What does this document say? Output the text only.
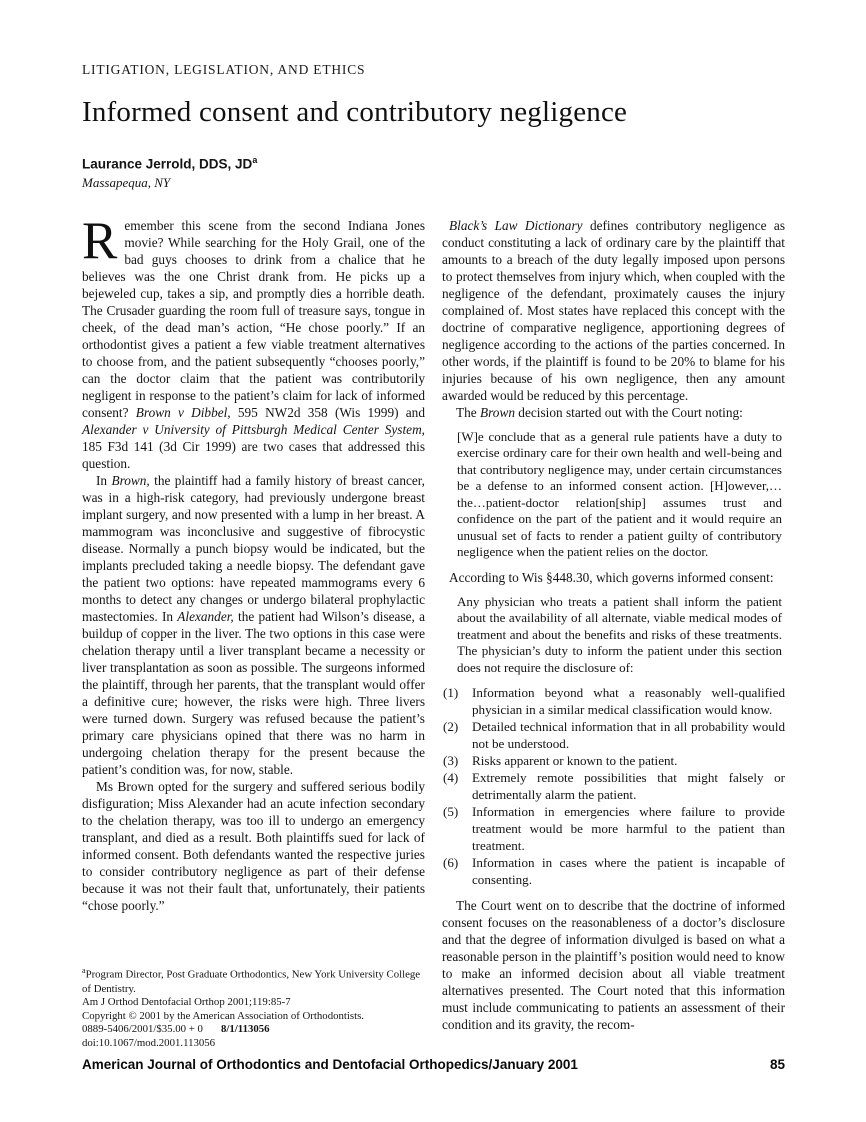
LITIGATION, LEGISLATION, AND ETHICS
Informed consent and contributory negligence
Laurance Jerrold, DDS, $JD^a$
Massapequa, NY

Remember this scene from the second Indiana Jones movie? While searching for the Holy Grail, one of the bad guys chooses to drink from a chalice that he believes was the one Christ drank from. He picks up a bejeweled cup, takes a sip, and promptly dies a horrible death. The Crusader guarding the room full of treasure says, tongue in cheek, of the dead man’s action, “He chose poorly.” If an orthodontist gives a patient a few viable treatment alternatives to choose from, and the patient subsequently “chooses poorly,” can the doctor claim that the patient was contributorily negligent in response to the patient’s claim for lack of informed consent? Brown v Dibbel, 595 NW2d 358 (Wis 1999) and Alexander v University of Pittsburgh Medical Center System, 185 F3d 141 (3d Cir 1999) are two cases that addressed this question.

In Brown, the plaintiff had a family history of breast cancer, was in a high-risk category, had previously undergone breast implant surgery, and now presented with a lump in her breast. A mammogram was inconclusive and suggestive of fibrocystic disease. Normally a punch biopsy would be indicated, but the implants precluded taking a needle biopsy. The defendant gave the patient two options: have repeated mammograms every 6 months to detect any changes or undergo bilateral prophylactic mastectomies. In Alexander, the patient had Wilson’s disease, a buildup of copper in the liver. The two options in this case were chelation therapy until a liver transplant became a necessity or liver transplantation as soon as possible. The surgeons informed the plaintiff, through her parents, that the transplant would offer a definitive cure; however, the risks were high. Three livers were turned down. Surgery was refused because the patient’s primary care physicians opined that there was no harm in undergoing chelation therapy for the present because the patient’s condition was, for now, stable.

Ms Brown opted for the surgery and suffered serious bodily disfiguration; Miss Alexander had an acute infection secondary to the chelation therapy, was too ill to undergo an emergency transplant, and died as a result. Both plaintiffs sued for lack of informed consent. Both defendants wanted the respective juries to consider contributory negligence as part of their defense because it was not their fault that, unfortunately, their patients “chose poorly.”

$^a$Program Director, Post Graduate Orthodontics, New York University College of Dentistry.

Am J Orthod Dentofacial Orthop 2001;119:85-7

Copyright © 2001 by the American Association of Orthodontists.

0889-5406/2001/$35.00 + 0 8/1/113056

doi:10.1067/mod.2001.113056

Black’s Law Dictionary defines contributory negligence as conduct constituting a lack of ordinary care by the plaintiff that amounts to a breach of the duty legally imposed upon persons to protect themselves from injury which, when coupled with the negligence of the defendant, proximately causes the injury complained of. Most states have replaced this concept with the doctrine of comparative negligence, apportioning degrees of negligence according to the actions of the parties concerned. In other words, if the plaintiff is found to be 20% to blame for his injuries because of his own negligence, then any amount awarded would be reduced by this percentage.

The Brown decision started out with the Court noting:

[W]e conclude that as a general rule patients have a duty to exercise ordinary care for their own health and well-being and that contributory negligence may, under certain circumstances be a defense to an informed consent action. [H]owever,…the…patient-doctor relation[ship] assumes trust and confidence on the part of the patient and it would require an unusual set of facts to render a patient guilty of contributory negligence when the patient relies on the doctor.

According to Wis §448.30, which governs informed consent:

Any physician who treats a patient shall inform the patient about the availability of all alternate, viable medical modes of treatment and about the benefits and risks of these treatments. The physician’s duty to inform the patient under this section does not require the disclosure of:

(1)	Information beyond what a reasonably well-qualified physician in a similar medical classification would know.
(2)	Detailed technical information that in all probability would not be understood.
(3)	Risks apparent or known to the patient.
(4)	Extremely remote possibilities that might falsely or detrimentally alarm the patient.
(5)	Information in emergencies where failure to provide treatment would be more harmful to the patient than treatment.
(6)	Information in cases where the patient is incapable of consenting.

The Court went on to describe that the doctrine of informed consent focuses on the reasonableness of a doctor’s disclosure and that the degree of information divulged is based on what a reasonable person in the plaintiff’s position would need to know to make an informed decision about all viable treatment alternatives presented. The Court noted that this information must include communicating to patients an assessment of their condition and its gravity, the recom-

American Journal of Orthodontics and Dentofacial Orthopedics/January 2001	85
